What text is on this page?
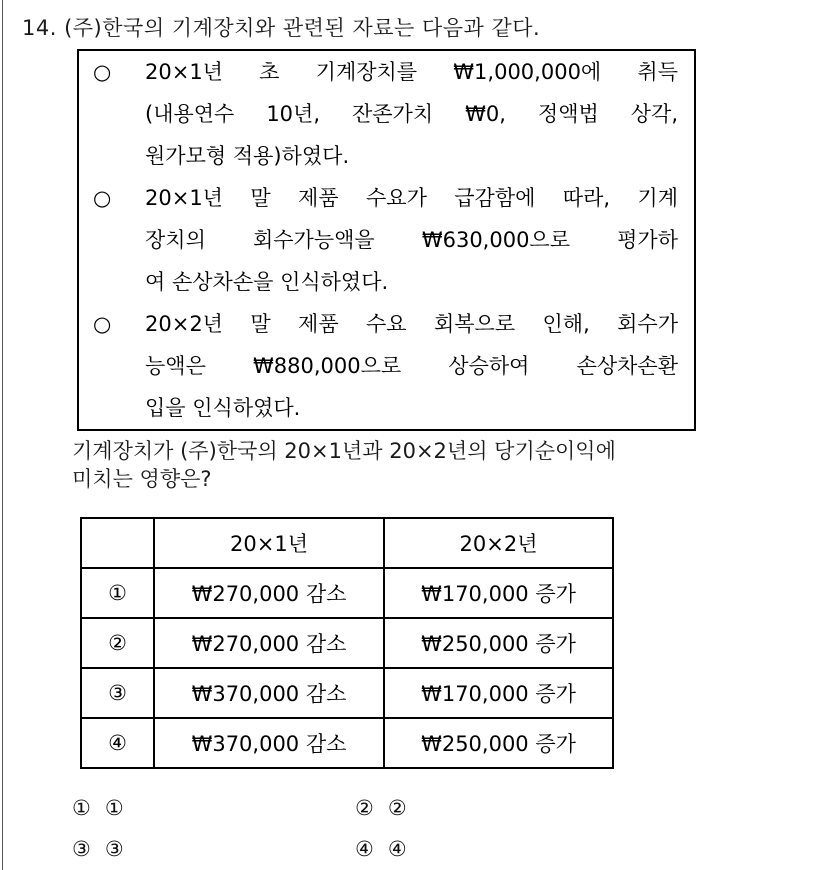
14. (주)한국의 기계장치와 관련된 자료는 다음과 같다.
○ 20×1년 초 기계장치를 ₩1,000,000에 취득
(내용연수 10년, 잔존가치 ₩0, 정액법 상각,
원가모형 적용)하였다.
○ 20×1년 말 제품 수요가 급감함에 따라, 기계
장치의 회수가능액을 ₩630,000으로 평가하
여 손상차손을 인식하였다.
○ 20×2년 말 제품 수요 회복으로 인해, 회수가
능액은 ₩880,000으로 상승하여 손상차손환
입을 인식하였다.
기계장치가 (주)한국의 20×1년과 20×2년의 당기순이익에
미치는 영향은?
	20×1년	20×2년
①	₩270,000 감소	₩170,000 증가
②	₩270,000 감소	₩250,000 증가
③	₩370,000 감소	₩170,000 증가
④	₩370,000 감소	₩250,000 증가
① ①	② ②
③ ③	④ ④
